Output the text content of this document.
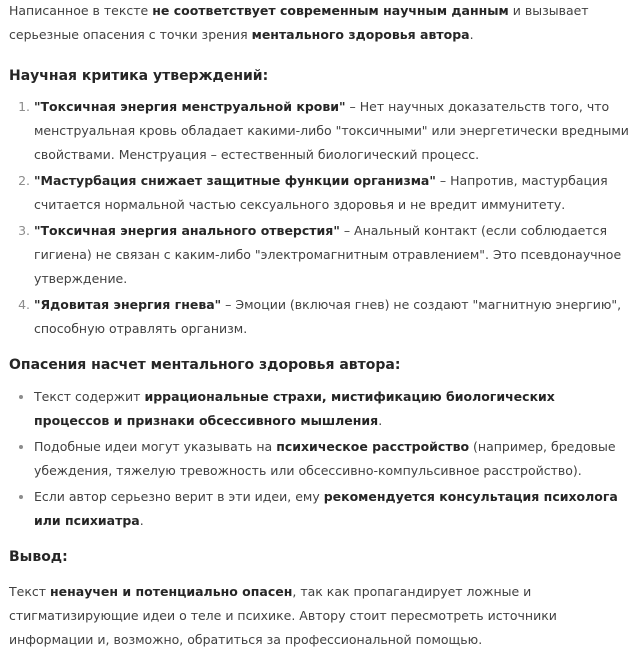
Написанное в тексте не соответствует современным научным данным и вызывает серьезные опасения с точки зрения ментального здоровья автора.

Научная критика утверждений:
1. "Токсичная энергия менструальной крови" – Нет научных доказательств того, что менструальная кровь обладает какими-либо "токсичными" или энергетически вредными свойствами. Менструация – естественный биологический процесс.
2. "Мастурбация снижает защитные функции организма" – Напротив, мастурбация считается нормальной частью сексуального здоровья и не вредит иммунитету.
3. "Токсичная энергия анального отверстия" – Анальный контакт (если соблюдается гигиена) не связан с каким-либо "электромагнитным отравлением". Это псевдонаучное утверждение.
4. "Ядовитая энергия гнева" – Эмоции (включая гнев) не создают "магнитную энергию", способную отравлять организм.
Опасения насчет ментального здоровья автора:
• Текст содержит иррациональные страхи, мистификацию биологических процессов и признаки обсессивного мышления.
• Подобные идеи могут указывать на психическое расстройство (например, бредовые убеждения, тяжелую тревожность или обсессивно-компульсивное расстройство).
• Если автор серьезно верит в эти идеи, ему рекомендуется консультация психолога или психиатра.
Вывод:

Текст ненаучен и потенциально опасен, так как пропагандирует ложные и стигматизирующие идеи о теле и психике. Автору стоит пересмотреть источники информации и, возможно, обратиться за профессиональной помощью.
